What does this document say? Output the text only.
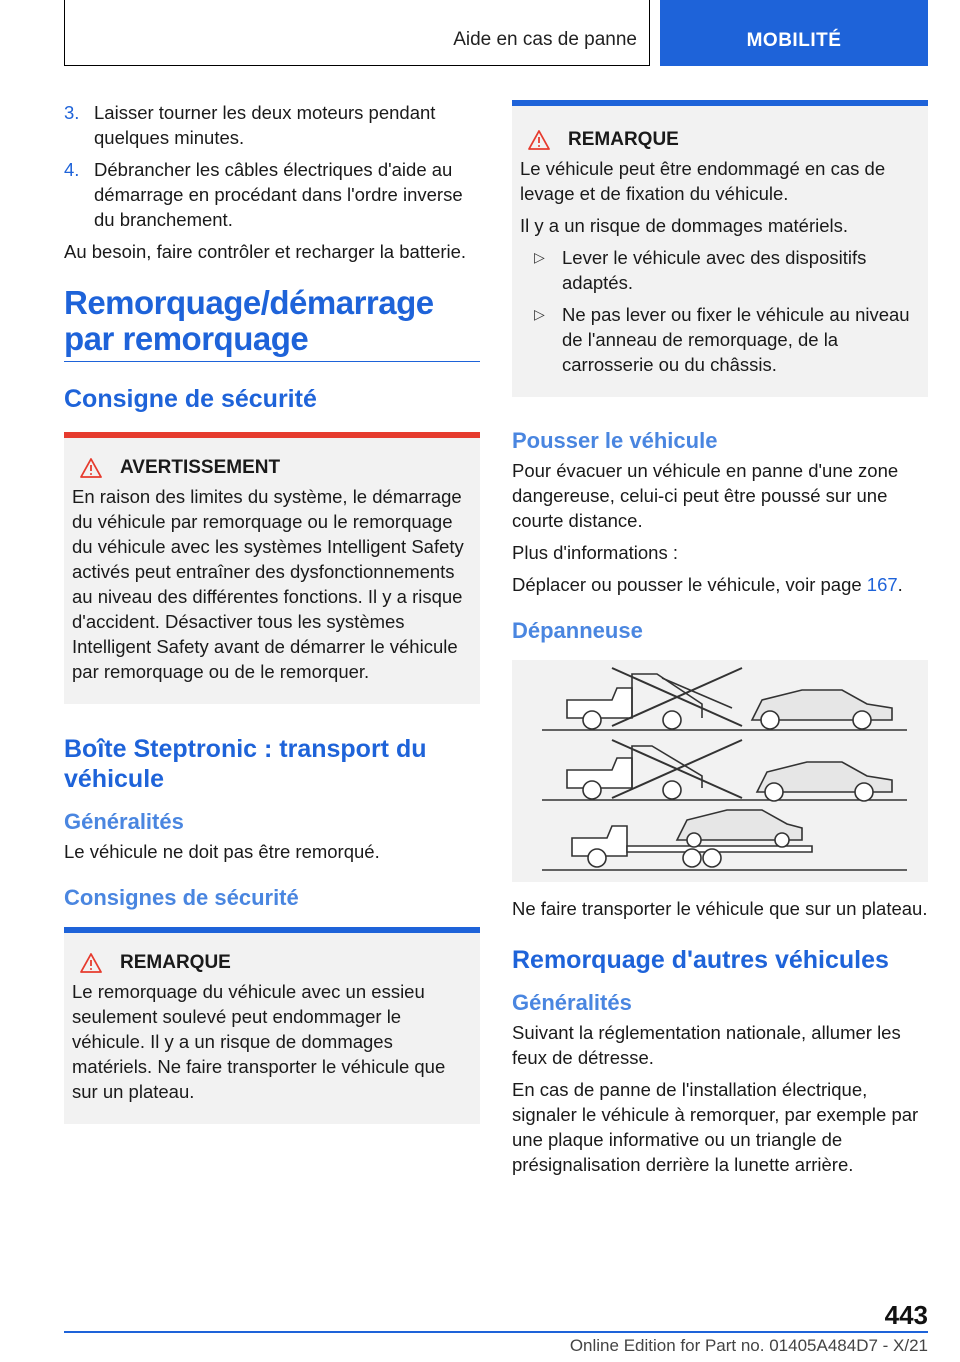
Aide en cas de panne	MOBILITÉ
3. Laisser tourner les deux moteurs pendant quelques minutes.
4. Débrancher les câbles électriques d'aide au démarrage en procédant dans l'ordre inverse du branchement.

Au besoin, faire contrôler et recharger la batterie.

Remorquage/démarrage par remorquage
Consigne de sécurité
AVERTISSEMENT

En raison des limites du système, le démarrage du véhicule par remorquage ou le remorquage du véhicule avec les systèmes Intelligent Safety activés peut entraîner des dysfonctionnements au niveau des différentes fonctions. Il y a risque d'accident. Désactiver tous les systèmes Intelligent Safety avant de démarrer le véhicule par remorquage ou de le remorquer.

Boîte Steptronic : transport du véhicule
Généralités

Le véhicule ne doit pas être remorqué.

Consignes de sécurité
REMARQUE

Le remorquage du véhicule avec un essieu seulement soulevé peut endommager le véhicule. Il y a un risque de dommages matériels. Ne faire transporter le véhicule que sur un plateau.

REMARQUE

Le véhicule peut être endommagé en cas de levage et de fixation du véhicule.

Il y a un risque de dommages matériels.

▷ Lever le véhicule avec des dispositifs adaptés.
▷ Ne pas lever ou fixer le véhicule au niveau de l'anneau de remorquage, de la carrosserie ou du châssis.
Pousser le véhicule

Pour évacuer un véhicule en panne d'une zone dangereuse, celui-ci peut être poussé sur une courte distance.

Plus d'informations :

Déplacer ou pousser le véhicule, voir page 167.

Dépanneuse

Ne faire transporter le véhicule que sur un plateau.

Remorquage d'autres véhicules
Généralités

Suivant la réglementation nationale, allumer les feux de détresse.

En cas de panne de l'installation électrique, signaler le véhicule à remorquer, par exemple par une plaque informative ou un triangle de présignalisation derrière la lunette arrière.

443
Online Edition for Part no. 01405A484D7 - X/21
